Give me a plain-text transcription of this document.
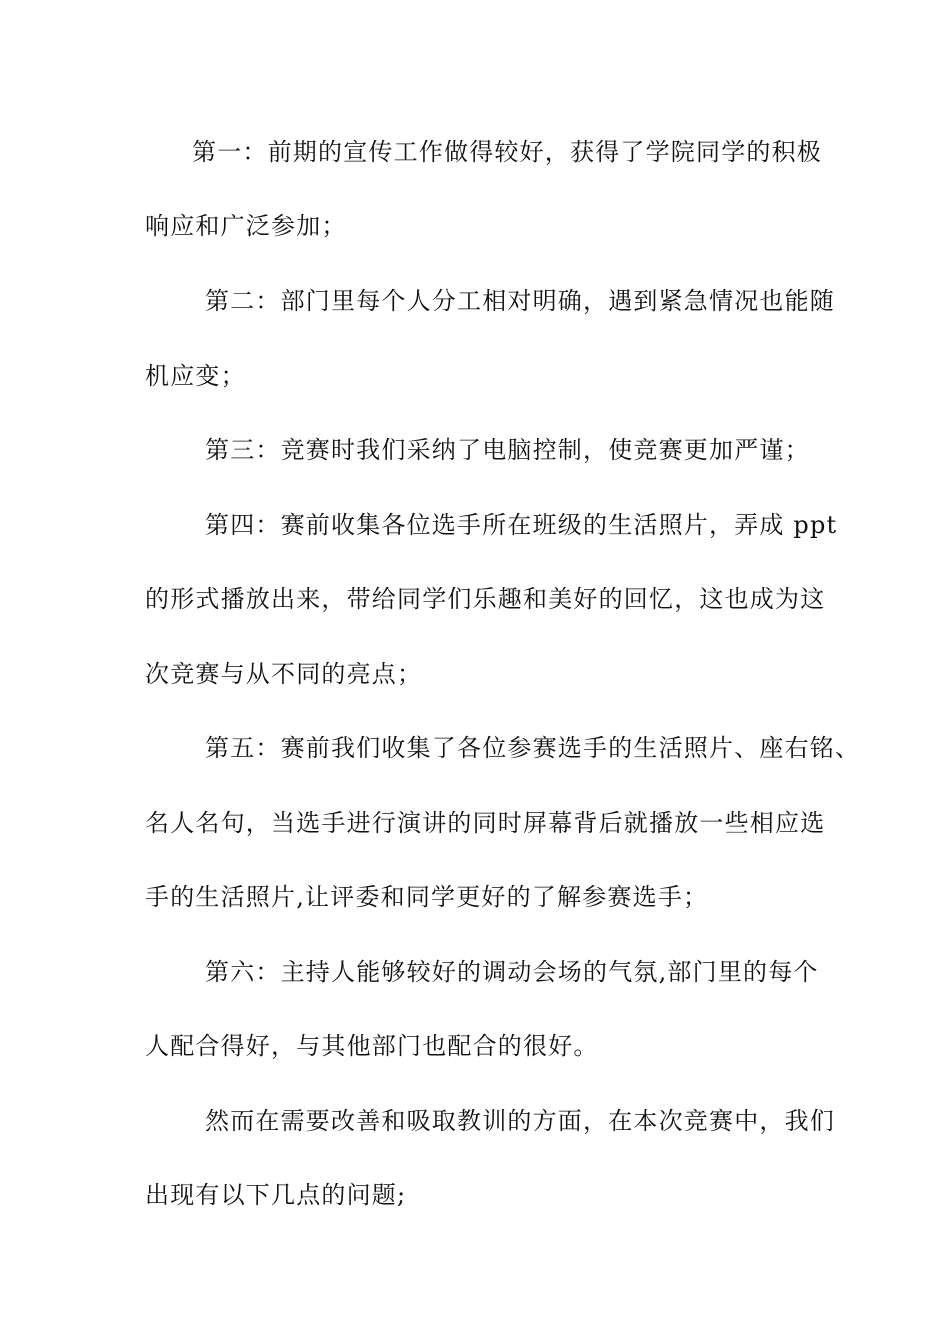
第一：前期的宣传工作做得较好，获得了学院同学的积极
响应和广泛参加；
第二：部门里每个人分工相对明确，遇到紧急情况也能随
机应变；
第三：竞赛时我们采纳了电脑控制，使竞赛更加严谨；
第四：赛前收集各位选手所在班级的生活照片，弄成 ppt
的形式播放出来，带给同学们乐趣和美好的回忆，这也成为这
次竞赛与从不同的亮点；
第五：赛前我们收集了各位参赛选手的生活照片、座右铭、
名人名句，当选手进行演讲的同时屏幕背后就播放一些相应选
手的生活照片,让评委和同学更好的了解参赛选手；
第六：主持人能够较好的调动会场的气氛,部门里的每个
人配合得好，与其他部门也配合的很好。
然而在需要改善和吸取教训的方面，在本次竞赛中，我们
出现有以下几点的问题;
